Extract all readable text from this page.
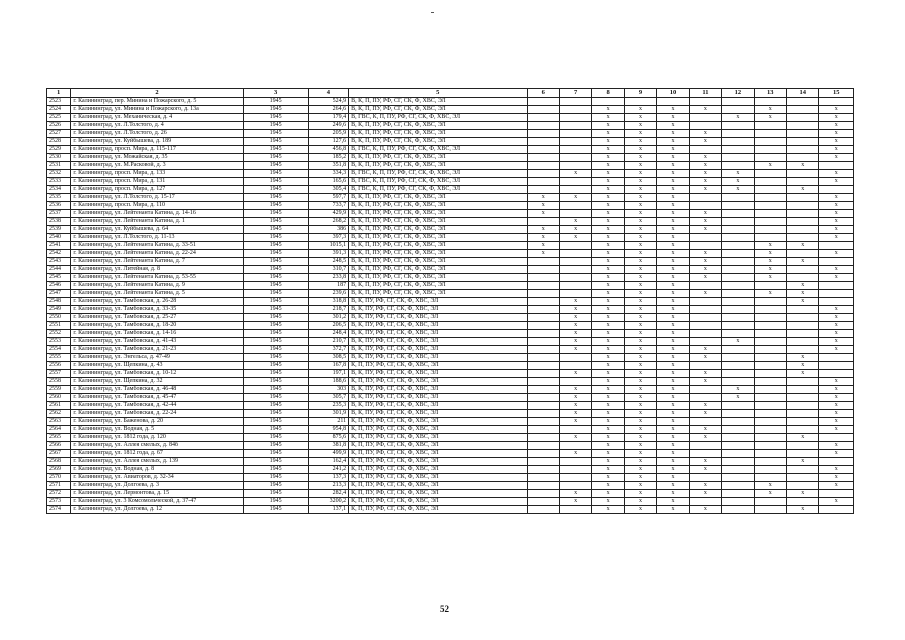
1	2	3	4	5	6	7	8	9	10	11	12	13	14	15
2523	г. Калининград, пер. Минина и Пожарского, д. 5	1945	524,9	В, К, П, ПУ, РФ, СГ, СК, Ф, ХВС, ЭЛ										
2524	г. Калининград, ул. Минина и Пожарского, д. 13а	1945	264,6	В, К, П, ПУ, РФ, СГ, СК, Ф, ХВС, ЭЛ			x	x	x	x		x		x
2525	г. Калининград, ул. Механическая, д. 4	1945	179,4	В, ГВС, К, П, ПУ, РФ, СГ, СК, Ф, ХВС, ЭЛ			x	x	x		x	x		x
2526	г. Калининград, ул. Л.Толстого, д. 4	1945	249,6	В, К, П, ПУ, РФ, СГ, СК, Ф, ХВС, ЭЛ			x	x	x					x
2527	г. Калининград, ул. Л.Толстого, д. 26	1945	205,9	В, К, П, ПУ, РФ, СГ, СК, Ф, ХВС, ЭЛ			x	x	x	x				x
2528	г. Калининград, ул. Куйбышева, д. 189	1945	127,6	В, К, П, ПУ, РФ, СГ, СК, Ф, ХВС, ЭЛ			x	x	x	x				x
2529	г. Калининград, просп. Мира, д. 115-117	1945	456,8	В, ГВС, К, П, ПУ, РФ, СГ, СК, Ф, ХВС, ЭЛ			x	x	x					x
2530	г. Калининград, ул. Можайская, д. 35	1945	185,2	В, К, П, ПУ, РФ, СГ, СК, Ф, ХВС, ЭЛ			x	x	x	x				x
2531	г. Калининград, ул. М.Расковой, д. 3	1945	351,8	В, К, П, ПУ, РФ, СГ, СК, Ф, ХВС, ЭЛ			x	x	x	x		x	x	
2532	г. Калининград, просп. Мира, д. 133	1945	334,3	В, ГВС, К, П, ПУ, РФ, СГ, СК, Ф, ХВС, ЭЛ		x	x	x	x	x	x			x
2533	г. Калининград, просп. Мира, д. 131	1945	165,6	В, ГВС, К, П, ПУ, РФ, СГ, СК, Ф, ХВС, ЭЛ			x	x	x	x	x			x
2534	г. Калининград, просп. Мира, д. 127	1945	305,4	В, ГВС, К, П, ПУ, РФ, СГ, СК, Ф, ХВС, ЭЛ			x	x	x	x	x		x	
2535	г. Калининград, ул. Л.Толстого, д. 15-17	1945	597,7	В, К, П, ПУ, РФ, СГ, СК, Ф, ХВС, ЭЛ	x	x	x	x	x					x
2536	г. Калининград, просп. Мира, д. 110	1945	733,7	В, К, П, ПУ, РФ, СГ, СК, Ф, ХВС, ЭЛ	x		x	x	x					x
2537	г. Калининград, ул. Лейтенанта Катина, д. 14-16	1945	429,9	В, К, П, ПУ, РФ, СГ, СК, Ф, ХВС, ЭЛ	x		x	x	x	x				x
2538	г. Калининград, ул. Лейтенанта Катина, д. 1	1945	268,2	В, К, П, ПУ, РФ, СГ, СК, Ф, ХВС, ЭЛ		x	x	x	x	x				x
2539	г. Калининград, ул. Куйбышева, д. 64	1945	386	В, К, П, ПУ, РФ, СГ, СК, Ф, ХВС, ЭЛ	x	x	x	x	x	x				x
2540	г. Калининград, ул. Л.Толстого, д. 11-13	1945	397,3	В, К, П, ПУ, РФ, СГ, СК, Ф, ХВС, ЭЛ	x	x	x	x	x					x
2541	г. Калининград, ул. Лейтенанта Катина, д. 33-51	1945	1015,1	В, К, П, ПУ, РФ, СГ, СК, Ф, ХВС, ЭЛ	x		x	x	x			x	x	
2542	г. Калининград, ул. Лейтенанта Катина, д. 22-24	1945	391,3	В, К, П, ПУ, РФ, СГ, СК, Ф, ХВС, ЭЛ	x		x	x	x	x		x		x
2543	г. Калининград, ул. Лейтенанта Катина, д. 7	1945	248,5	В, К, П, ПУ, РФ, СГ, СК, Ф, ХВС, ЭЛ			x	x	x	x		x	x	
2544	г. Калининград, ул. Литейная, д. 8	1945	310,7	В, К, П, ПУ, РФ, СГ, СК, Ф, ХВС, ЭЛ			x	x	x	x		x		x
2545	г. Калининград, ул. Лейтенанта Катина, д. 53-55	1945	233,8	В, К, П, ПУ, РФ, СГ, СК, Ф, ХВС, ЭЛ			x	x	x	x		x		x
2546	г. Калининград, ул. Лейтенанта Катина, д. 9	1945	187	В, К, П, ПУ, РФ, СГ, СК, Ф, ХВС, ЭЛ			x	x	x				x	
2547	г. Калининград, ул. Лейтенанта Катина, д. 5	1945	239,6	В, К, П, ПУ, РФ, СГ, СК, Ф, ХВС, ЭЛ			x	x	x	x		x	x	
2548	г. Калининград, ул. Тамбовская, д. 26-28	1945	318,8	В, К, ПУ, РФ, СГ, СК, Ф, ХВС, ЭЛ		x	x	x	x				x	
2549	г. Калининград, ул. Тамбовская, д. 33-35	1945	218,7	В, К, ПУ, РФ, СГ, СК, Ф, ХВС, ЭЛ		x	x	x	x					x
2550	г. Калининград, ул. Тамбовская, д. 25-27	1945	301,2	В, К, ПУ, РФ, СГ, СК, Ф, ХВС, ЭЛ		x	x	x	x					x
2551	г. Калининград, ул. Тамбовская, д. 18-20	1945	206,5	В, К, ПУ, РФ, СГ, СК, Ф, ХВС, ЭЛ		x	x	x	x					x
2552	г. Калининград, ул. Тамбовская, д. 14-16	1945	248,4	В, К, ПУ, РФ, СГ, СК, Ф, ХВС, ЭЛ		x	x	x	x					x
2553	г. Калининград, ул. Тамбовская, д. 41-43	1945	210,7	В, К, ПУ, РФ, СГ, СК, Ф, ХВС, ЭЛ		x	x	x	x		x			x
2554	г. Калининград, ул. Тамбовская, д. 21-23	1945	372,7	В, К, ПУ, РФ, СГ, СК, Ф, ХВС, ЭЛ		x	x	x	x	x				x
2555	г. Калининград, ул. Энгельса, д. 47-49	1945	308,5	В, К, ПУ, РФ, СГ, СК, Ф, ХВС, ЭЛ			x	x	x	x			x	
2556	г. Калининград, ул. Щепкина, д. 43	1945	167,8	К, П, ПУ, РФ, СГ, СК, Ф, ХВС, ЭЛ			x	x	x				x	
2557	г. Калининград, ул. Тамбовская, д. 10-12	1945	197,1	В, К, ПУ, РФ, СГ, СК, Ф, ХВС, ЭЛ		x	x	x	x	x			x	
2558	г. Калининград, ул. Щепкина, д. 32	1945	188,6	К, П, ПУ, РФ, СГ, СК, Ф, ХВС, ЭЛ			x	x	x	x				x
2559	г. Калининград, ул. Тамбовская, д. 46-48	1945	303	В, К, ПУ, РФ, СГ, СК, Ф, ХВС, ЭЛ		x	x	x	x		x			x
2560	г. Калининград, ул. Тамбовская, д. 45-47	1945	305,7	В, К, ПУ, РФ, СГ, СК, Ф, ХВС, ЭЛ		x	x	x	x		x			x
2561	г. Калининград, ул. Тамбовская, д. 42-44	1945	235,3	В, К, ПУ, РФ, СГ, СК, Ф, ХВС, ЭЛ		x	x	x	x	x				x
2562	г. Калининград, ул. Тамбовская, д. 22-24	1945	301,9	В, К, ПУ, РФ, СГ, СК, Ф, ХВС, ЭЛ		x	x	x	x	x				x
2563	г. Калининград, ул. Баженова, д. 20	1945	211	К, П, ПУ, РФ, СГ, СК, Ф, ХВС, ЭЛ		x	x	x	x					x
2564	г. Калининград, ул. Водная, д. 5	1945	954,8	К, П, ПУ, РФ, СГ, СК, Ф, ХВС, ЭЛ			x	x	x	x				x
2565	г. Калининград, ул. 1812 года, д. 120	1945	875,6	К, П, ПУ, РФ, СГ, СК, Ф, ХВС, ЭЛ		x	x	x	x	x			x	
2566	г. Калининград, ул. Аллея смелых, д. 84б	1945	381,8	К, П, ПУ, РФ, СГ, СК, Ф, ХВС, ЭЛ			x	x	x					x
2567	г. Калининград, ул. 1812 года, д. 67	1945	499,9	К, П, ПУ, РФ, СГ, СК, Ф, ХВС, ЭЛ		x	x	x	x					x
2568	г. Калининград, ул. Аллея смелых, д. 139	1945	162,4	К, П, ПУ, РФ, СГ, СК, Ф, ХВС, ЭЛ			x	x	x	x			x	
2569	г. Калининград, ул. Водная, д. 8	1945	241,2	К, П, ПУ, РФ, СГ, СК, Ф, ХВС, ЭЛ			x	x	x	x				x
2570	г. Калининград, ул. Авиаторов, д. 32-34	1945	137,3	К, П, ПУ, РФ, СГ, СК, Ф, ХВС, ЭЛ			x	x	x					x
2571	г. Калининград, ул. Долгоева, д. 3	1945	213,3	К, П, ПУ, РФ, СГ, СК, Ф, ХВС, ЭЛ			x	x	x	x		x		x
2572	г. Калининград, ул. Лермонтова, д. 15	1945	282,4	К, П, ПУ, РФ, СГ, СК, Ф, ХВС, ЭЛ		x	x	x	x	x		x	x	
2573	г. Калининград, ул. 3 Комсомольческой, д. 37-47	1945	3200,2	К, П, ПУ, РФ, СГ, СК, Ф, ХВС, ЭЛ		x	x	x	x					x
2574	г. Калининград, ул. Долгоева, д. 12	1945	137,1	К, П, ПУ, РФ, СГ, СК, Ф, ХВС, ЭЛ			x	x	x	x			x	
52
